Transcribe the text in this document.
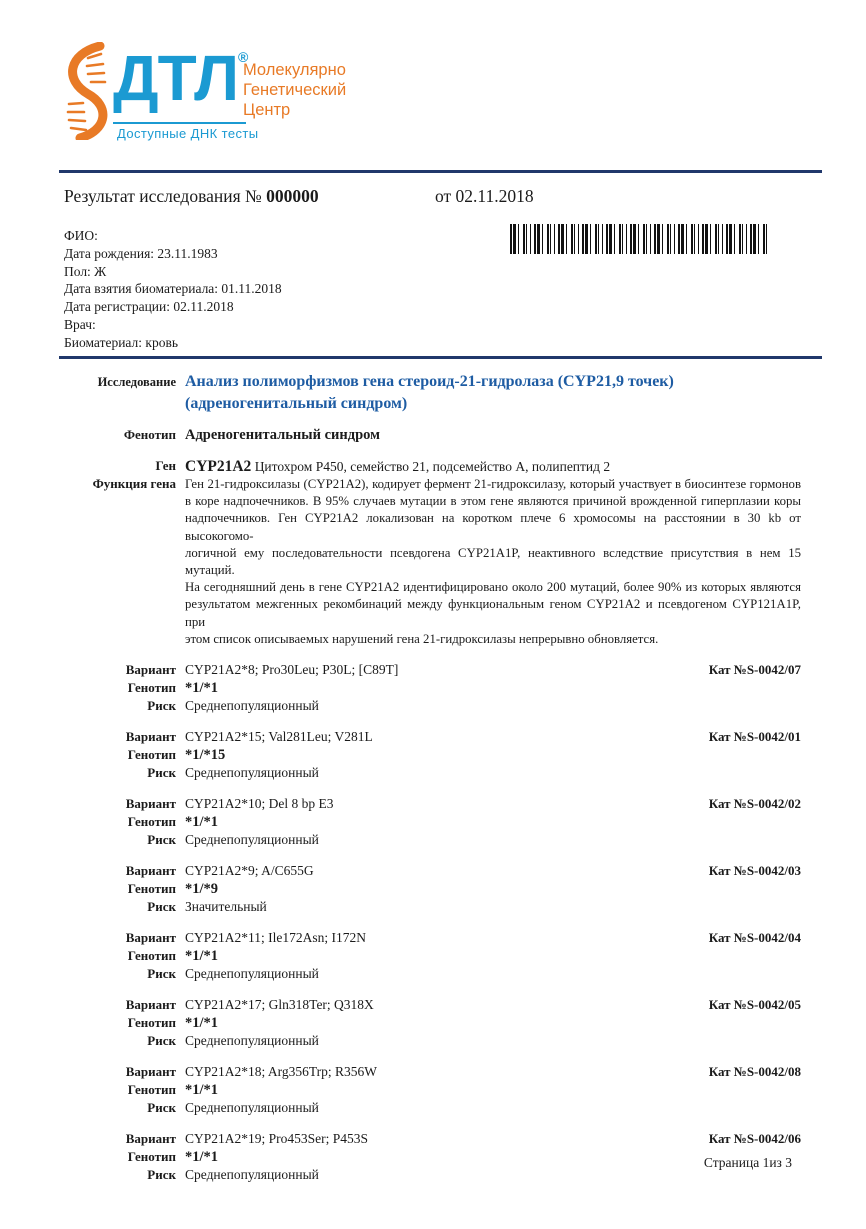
ДТЛ®
Молекулярно
Генетический
Центр
Доступные ДНК тесты
Результат исследования № 000000	от 02.11.2018
ФИО:
Дата рождения: 23.11.1983
Пол: Ж
Дата взятия биоматериала: 01.11.2018
Дата регистрации: 02.11.2018
Врач:
Биоматериал: кровь
Исследование Анализ полиморфизмов гена стероид-21-гидролаза (CYP21,9 точек)
(адреногенитальный синдром)
Фенотип Адреногенитальный синдром
Ген CYP21A2 Цитохром P450, семейство 21, подсемейство А, полипептид 2
Функция гена Ген 21-гидроксилазы (CYP21A2), кодирует фермент 21-гидроксилазу, который участвует в биосинтезе гормонов
в коре надпочечников. В 95% случаев мутации в этом гене являются причиной врожденной гиперплазии коры
надпочечников. Ген CYP21A2 локализован на коротком плече 6 хромосомы на расстоянии в 30 kb от высокогомо-
логичной ему последовательности псевдогена CYP21A1P, неактивного вследствие присутствия в нем 15 мутаций.
На сегодняшний день в гене CYP21A2 идентифицировано около 200 мутаций, более 90% из которых являются
результатом межгенных рекомбинаций между функциональным геном CYP21A2 и псевдогеном CYP121A1P, при
этом список описываемых нарушений гена 21-гидроксилазы непрерывно обновляется.
Вариант CYP21A2*8; Pro30Leu; P30L; [C89T]	Кат №S-0042/07
Генотип *1/*1
Риск Среднепопуляционный
Вариант CYP21A2*15; Val281Leu; V281L	Кат №S-0042/01
Генотип *1/*15
Риск Среднепопуляционный
Вариант CYP21A2*10; Del 8 bp E3	Кат №S-0042/02
Генотип *1/*1
Риск Среднепопуляционный
Вариант CYP21A2*9; A/C655G	Кат №S-0042/03
Генотип *1/*9
Риск Значительный
Вариант CYP21A2*11; Ile172Asn; I172N	Кат №S-0042/04
Генотип *1/*1
Риск Среднепопуляционный
Вариант CYP21A2*17; Gln318Ter; Q318X	Кат №S-0042/05
Генотип *1/*1
Риск Среднепопуляционный
Вариант CYP21A2*18; Arg356Trp; R356W	Кат №S-0042/08
Генотип *1/*1
Риск Среднепопуляционный
Вариант CYP21A2*19; Pro453Ser; P453S	Кат №S-0042/06
Генотип *1/*1
Риск Среднепопуляционный
Страница 1из 3
